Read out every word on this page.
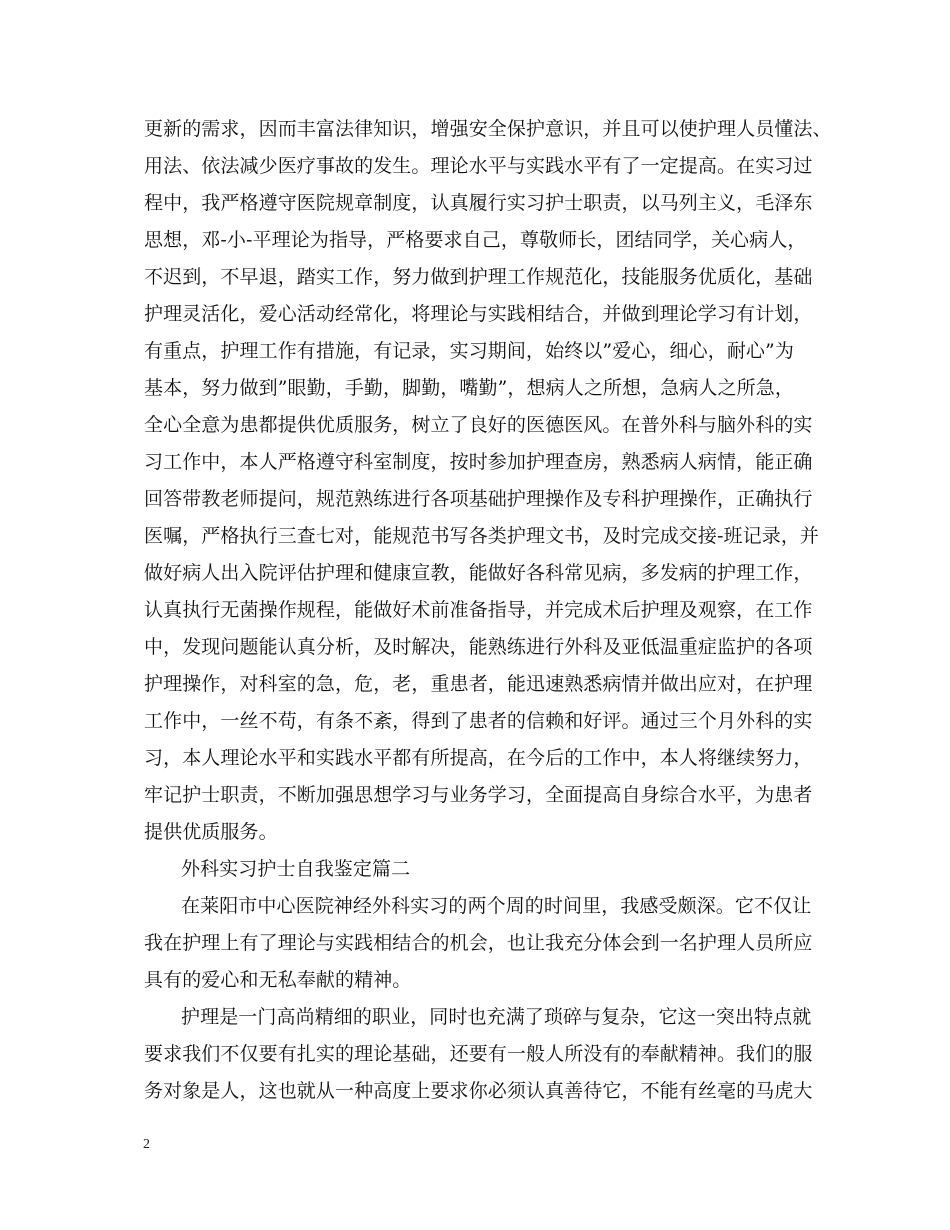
更新的需求，因而丰富法律知识，增强安全保护意识，并且可以使护理人员懂法、
用法、依法减少医疗事故的发生。理论水平与实践水平有了一定提高。在实习过
程中，我严格遵守医院规章制度，认真履行实习护士职责，以马列主义，毛泽东
思想，邓-小-平理论为指导，严格要求自己，尊敬师长，团结同学，关心病人，
不迟到，不早退，踏实工作，努力做到护理工作规范化，技能服务优质化，基础
护理灵活化，爱心活动经常化，将理论与实践相结合，并做到理论学习有计划，
有重点，护理工作有措施，有记录，实习期间，始终以”爱心，细心，耐心”为
基本，努力做到”眼勤，手勤，脚勤，嘴勤”，想病人之所想，急病人之所急，
全心全意为患都提供优质服务，树立了良好的医德医风。在普外科与脑外科的实
习工作中，本人严格遵守科室制度，按时参加护理查房，熟悉病人病情，能正确
回答带教老师提问，规范熟练进行各项基础护理操作及专科护理操作，正确执行
医嘱，严格执行三查七对，能规范书写各类护理文书，及时完成交接-班记录，并
做好病人出入院评估护理和健康宣教，能做好各科常见病，多发病的护理工作，
认真执行无菌操作规程，能做好术前准备指导，并完成术后护理及观察，在工作
中，发现问题能认真分析，及时解决，能熟练进行外科及亚低温重症监护的各项
护理操作，对科室的急，危，老，重患者，能迅速熟悉病情并做出应对，在护理
工作中，一丝不苟，有条不紊，得到了患者的信赖和好评。通过三个月外科的实
习，本人理论水平和实践水平都有所提高，在今后的工作中，本人将继续努力，
牢记护士职责，不断加强思想学习与业务学习，全面提高自身综合水平，为患者
提供优质服务。
外科实习护士自我鉴定篇二
在莱阳市中心医院神经外科实习的两个周的时间里，我感受颇深。它不仅让
我在护理上有了理论与实践相结合的机会，也让我充分体会到一名护理人员所应
具有的爱心和无私奉献的精神。
护理是一门高尚精细的职业，同时也充满了琐碎与复杂，它这一突出特点就
要求我们不仅要有扎实的理论基础，还要有一般人所没有的奉献精神。我们的服
务对象是人，这也就从一种高度上要求你必须认真善待它，不能有丝毫的马虎大
2
